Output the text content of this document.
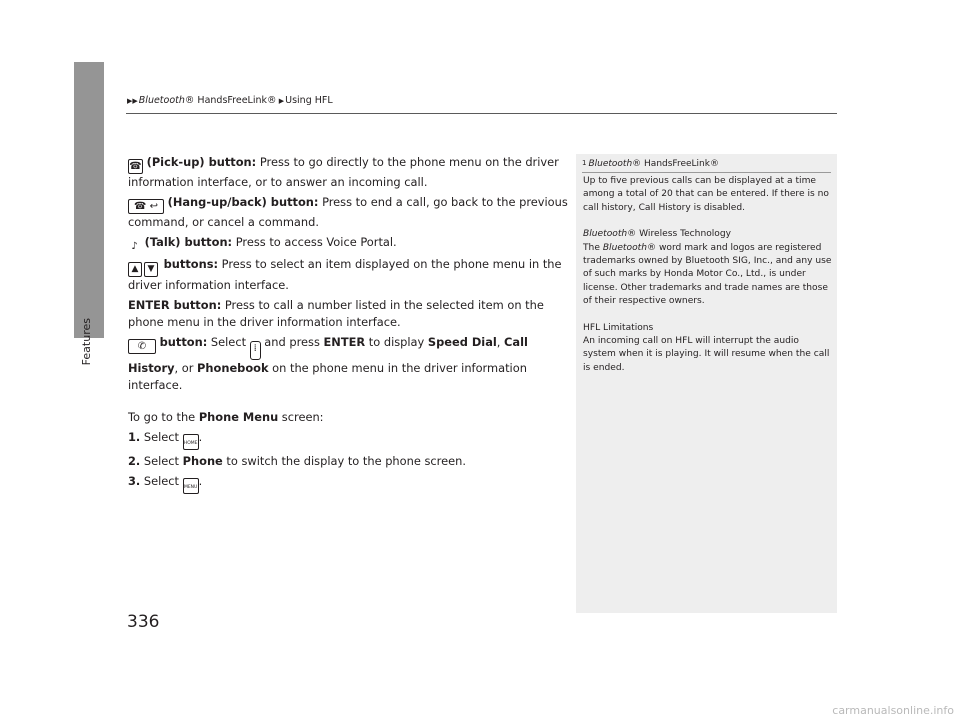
Features
▶▶ Bluetooth ® HandsFreeLink® ▶ Using HFL

☎ (Pick-up) button: Press to go directly to the phone menu on the driver information interface, or to answer an incoming call.

☎ ↩ (Hang-up/back) button: Press to end a call, go back to the previous command, or cancel a command.

♪ (Talk) button: Press to access Voice Portal.

▲ ▼ buttons: Press to select an item displayed on the phone menu in the driver information interface.

ENTER button: Press to call a number listed in the selected item on the phone menu in the driver information interface.

✆ button: Select ⁞ and press ENTER to display Speed Dial, Call History, or Phonebook on the phone menu in the driver information interface.

To go to the Phone Menu screen:

1. Select HOME.

2. Select Phone to switch the display to the phone screen.

3. Select MENU.

1 Bluetooth® HandsFreeLink®

Up to five previous calls can be displayed at a time among a total of 20 that can be entered. If there is no call history, Call History is disabled.

Bluetooth® Wireless Technology

The Bluetooth® word mark and logos are registered trademarks owned by Bluetooth SIG, Inc., and any use of such marks by Honda Motor Co., Ltd., is under license. Other trademarks and trade names are those of their respective owners.

HFL Limitations

An incoming call on HFL will interrupt the audio system when it is playing. It will resume when the call is ended.

336
carmanualsonline.info
